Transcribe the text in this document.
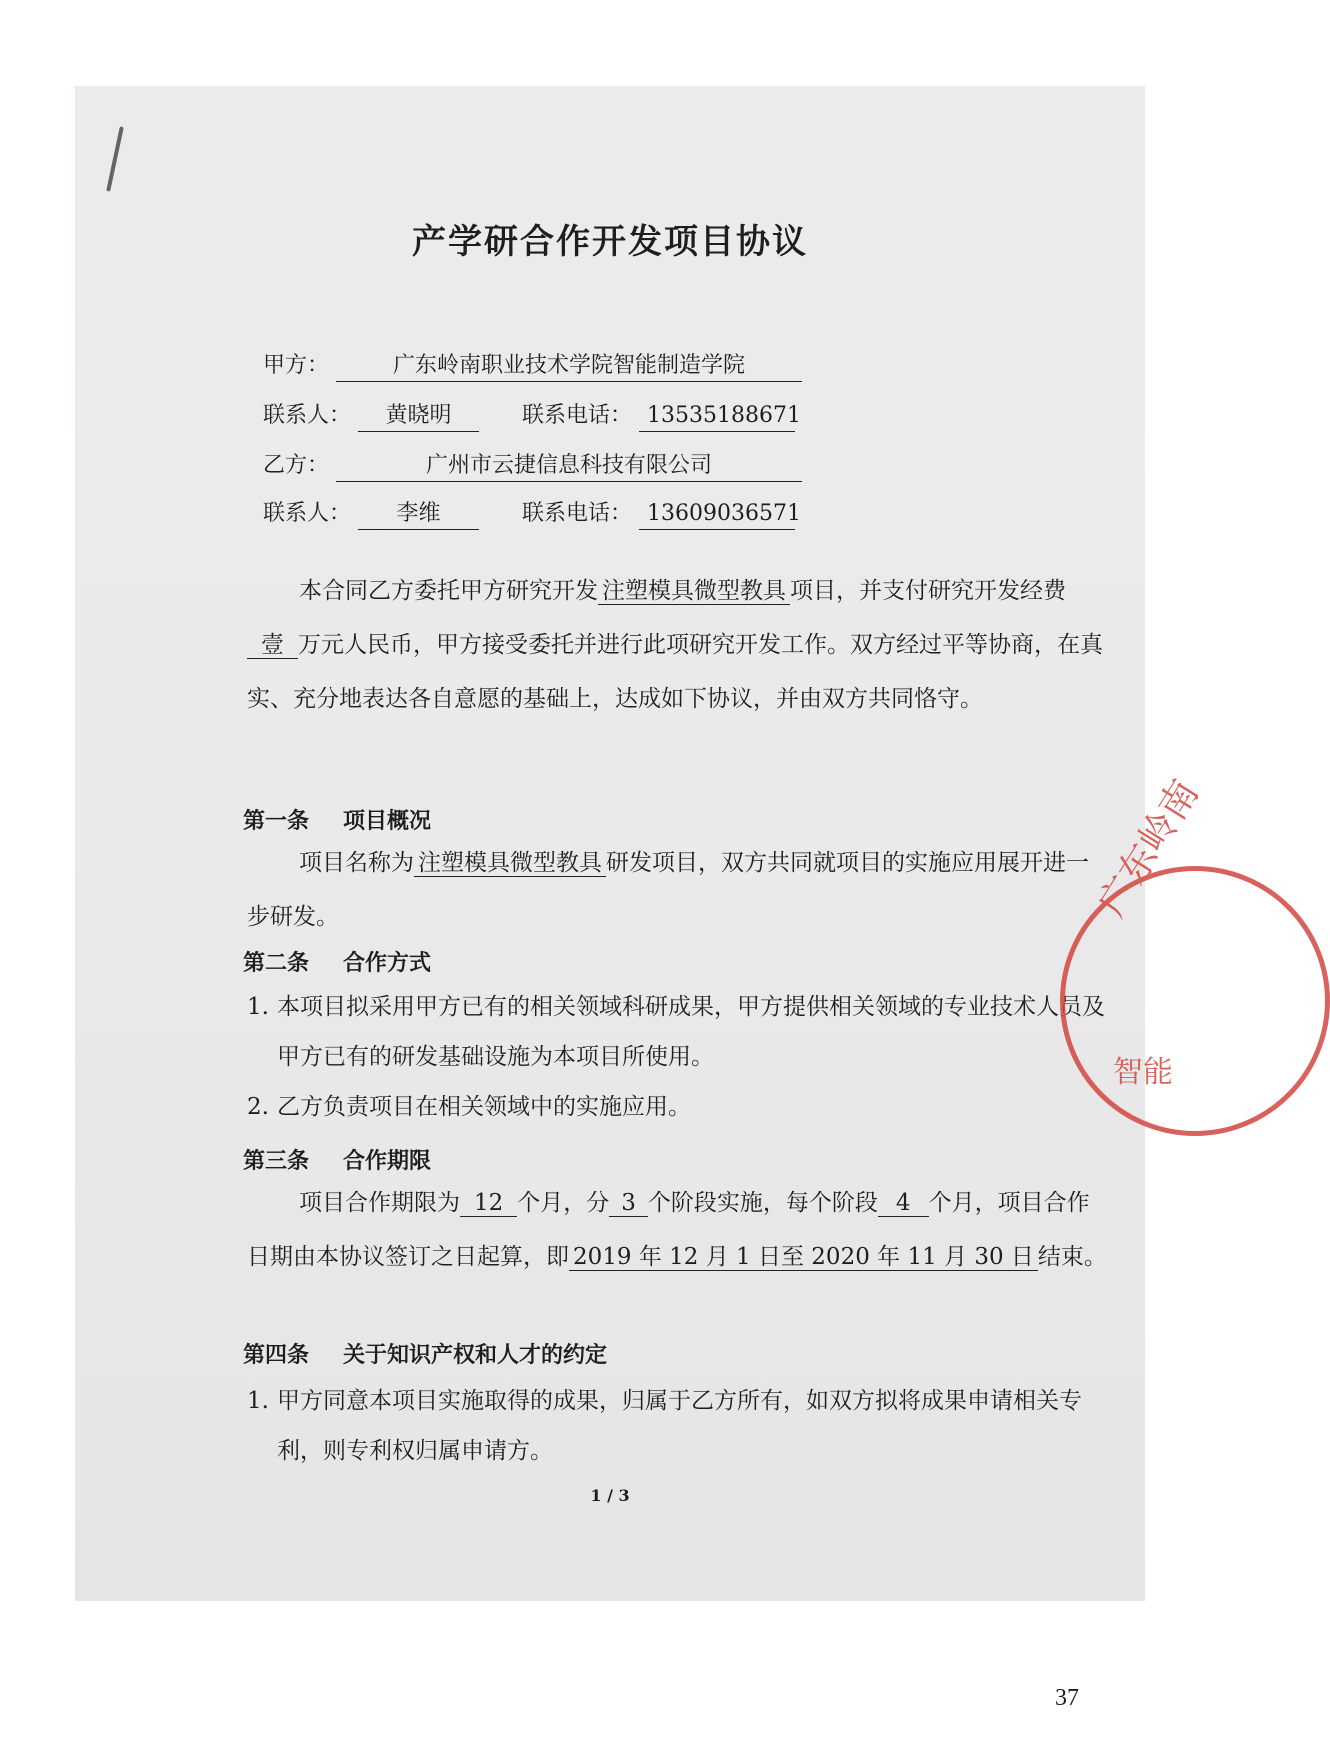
产学研合作开发项目协议
甲方：	广东岭南职业技术学院智能制造学院
联系人： 黄晓明	联系电话： 13535188671
乙方：	广州市云捷信息科技有限公司
联系人： 李维	联系电话： 13609036571
本合同乙方委托甲方研究开发 注塑模具微型教具 项目，并支付研究开发经费壹 万元人民币，甲方接受委托并进行此项研究开发工作。双方经过平等协商，在真实、充分地表达各自意愿的基础上，达成如下协议，并由双方共同恪守。
第一条 项目概况
项目名称为 注塑模具微型教具 研发项目，双方共同就项目的实施应用展开进一步研发。
第二条 合作方式
1. 本项目拟采用甲方已有的相关领域科研成果，甲方提供相关领域的专业技术人员及甲方已有的研发基础设施为本项目所使用。
2. 乙方负责项目在相关领域中的实施应用。
第三条 合作期限
项目合作期限为 12 个月，分 3 个阶段实施，每个阶段 4 个月，项目合作日期由本协议签订之日起算，即 2019 年 12 月 1 日至 2020 年 11 月 30 日 结束。
第四条 关于知识产权和人才的约定
1. 甲方同意本项目实施取得的成果，归属于乙方所有，如双方拟将成果申请相关专利，则专利权归属申请方。
广东岭南
智能
1 / 3
37
